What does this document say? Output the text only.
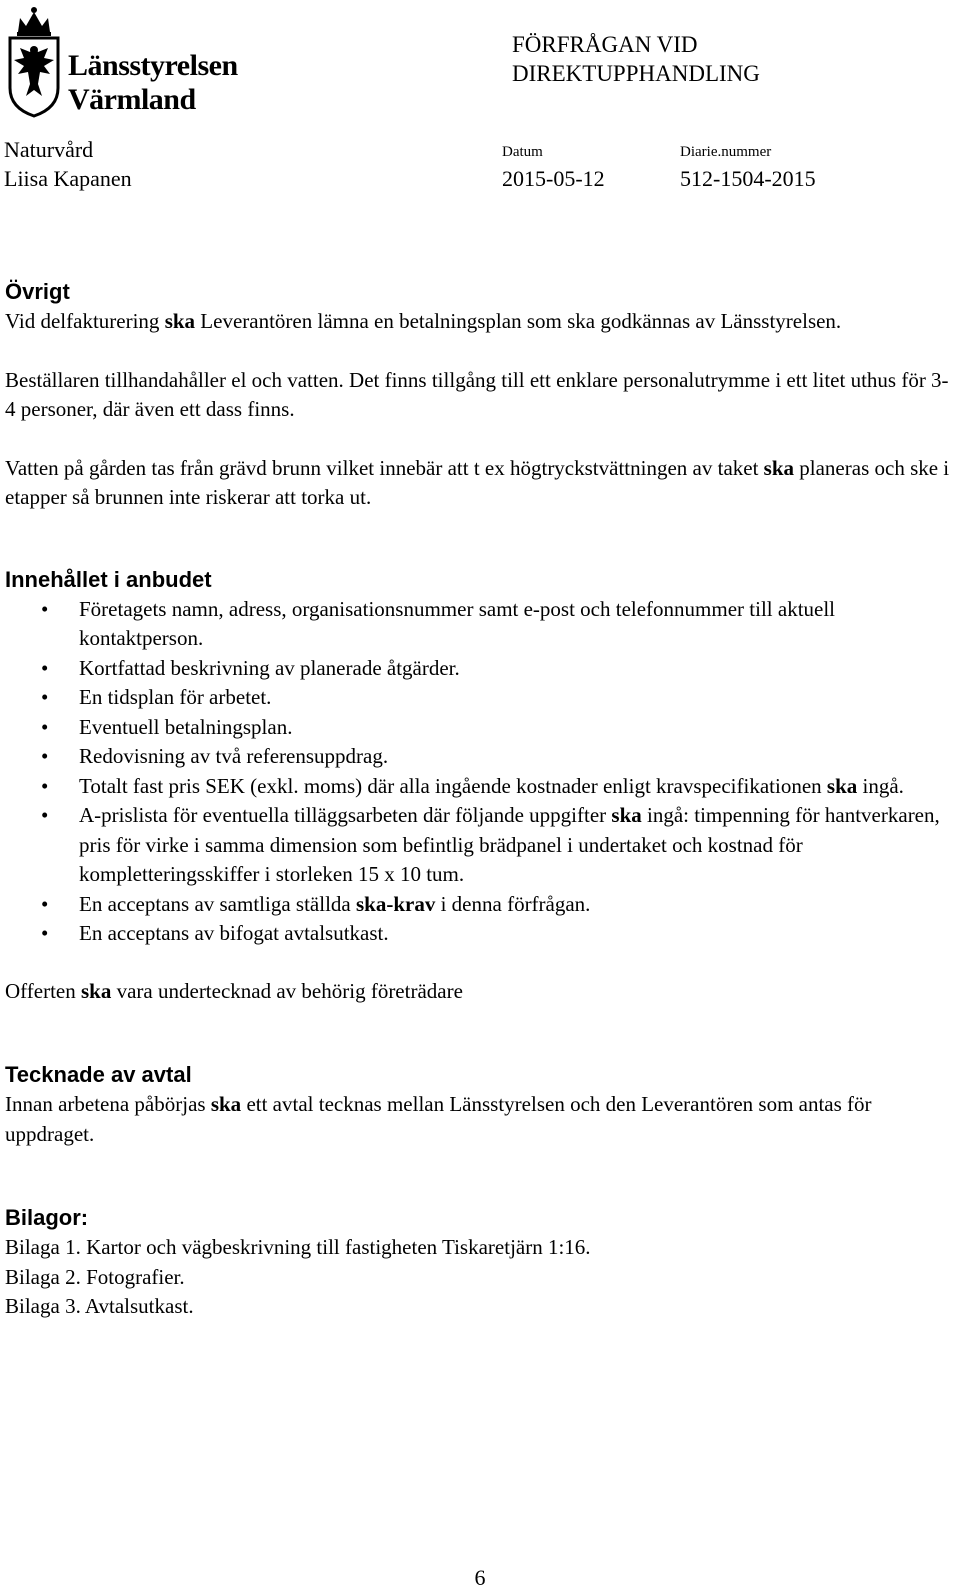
Länsstyrelsen
Värmland
FÖRFRÅGAN VID
DIREKTUPPHANDLING
Naturvård
Liisa Kapanen
Datum
2015-05-12
Diarie.nummer
512-1504-2015
Övrigt

Vid delfakturering ska Leverantören lämna en betalningsplan som ska godkännas av Länsstyrelsen.

Beställaren tillhandahåller el och vatten. Det finns tillgång till ett enklare personalutrymme i ett litet uthus för 3-4 personer, där även ett dass finns.

Vatten på gården tas från grävd brunn vilket innebär att t ex högtryckstvättningen av taket ska planeras och ske i etapper så brunnen inte riskerar att torka ut.

Innehållet i anbudet
•	Företagets namn, adress, organisationsnummer samt e-post och telefonnummer till aktuell kontaktperson.
•	Kortfattad beskrivning av planerade åtgärder.
•	En tidsplan för arbetet.
•	Eventuell betalningsplan.
•	Redovisning av två referensuppdrag.
•	Totalt fast pris SEK (exkl. moms) där alla ingående kostnader enligt kravspecifikationen ska ingå.
•	A-prislista för eventuella tilläggsarbeten där följande uppgifter ska ingå: timpenning för hantverkaren, pris för virke i samma dimension som befintlig brädpanel i undertaket och kostnad för kompletteringsskiffer i storleken 15 x 10 tum.
•	En acceptans av samtliga ställda ska-krav i denna förfrågan.
•	En acceptans av bifogat avtalsutkast.

Offerten ska vara undertecknad av behörig företrädare

Tecknade av avtal

Innan arbetena påbörjas ska ett avtal tecknas mellan Länsstyrelsen och den Leverantören som antas för uppdraget.

Bilagor:
Bilaga 1. Kartor och vägbeskrivning till fastigheten Tiskaretjärn 1:16.
Bilaga 2. Fotografier.
Bilaga 3. Avtalsutkast.
6
